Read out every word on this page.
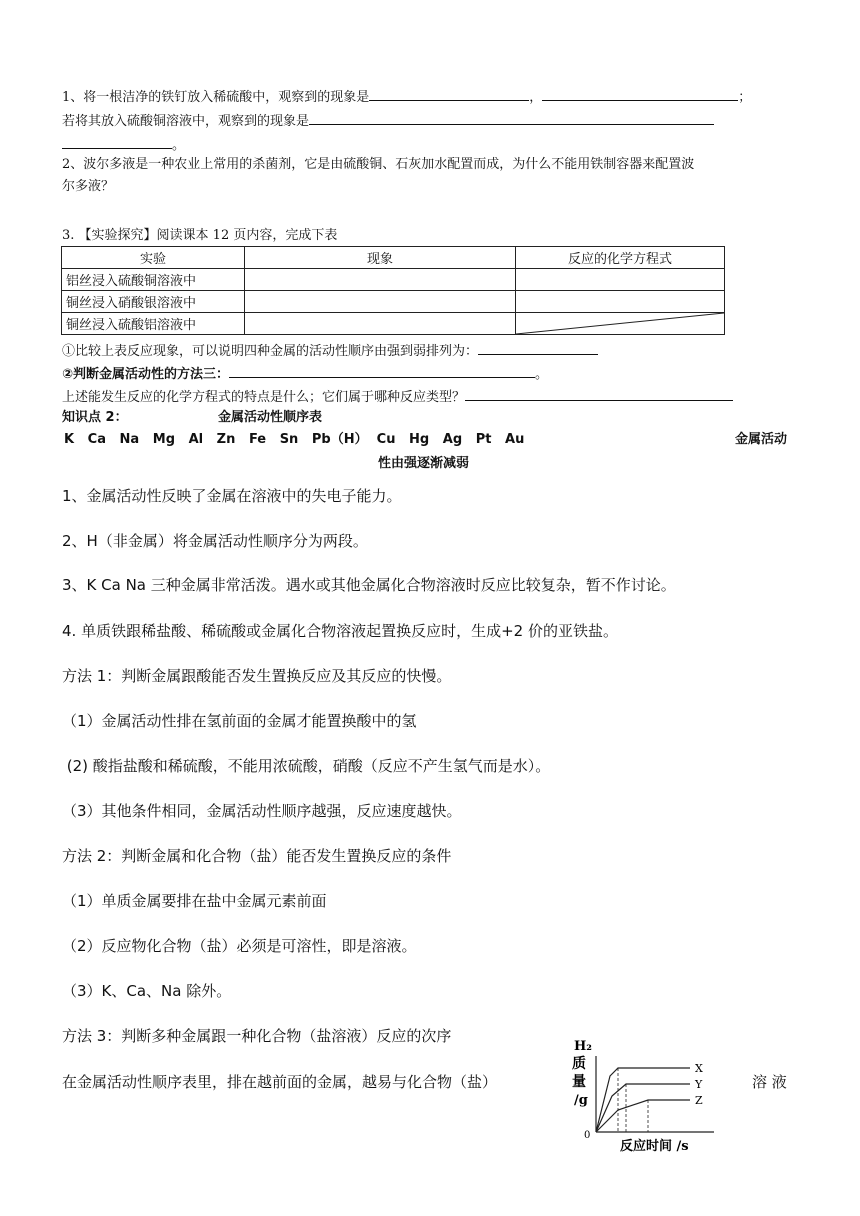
1、将一根洁净的铁钉放入稀硫酸中，观察到的现象是	，	；
若将其放入硫酸铜溶液中，观察到的现象是
。
2、波尔多液是一种农业上常用的杀菌剂，它是由硫酸铜、石灰加水配置而成，为什么不能用铁制容器来配置波
尔多液？
3. 【实验探究】阅读课本 12 页内容，完成下表
实验	现象	反应的化学方程式
铝丝浸入硫酸铜溶液中		
铜丝浸入硝酸银溶液中		
铜丝浸入硫酸铝溶液中		
①比较上表反应现象，可以说明四种金属的活动性顺序由强到弱排列为：
②判断金属活动性的方法三：	。
上述能发生反应的化学方程式的特点是什么；它们属于哪种反应类型？
知识点 2：	金属活动性顺序表
K   Ca   Na   Mg   Al   Zn   Fe   Sn   Pb（H）  Cu   Hg   Ag   Pt   Au	金属活动
性由强逐渐减弱
1、金属活动性反映了金属在溶液中的失电子能力。
2、H（非金属）将金属活动性顺序分为两段。
3、K Ca Na 三种金属非常活泼。遇水或其他金属化合物溶液时反应比较复杂，暂不作讨论。
4. 单质铁跟稀盐酸、稀硫酸或金属化合物溶液起置换反应时，生成+2 价的亚铁盐。
方法 1：判断金属跟酸能否发生置换反应及其反应的快慢。
（1）金属活动性排在氢前面的金属才能置换酸中的氢
(2) 酸指盐酸和稀硫酸，不能用浓硫酸，硝酸（反应不产生氢气而是水）。
（3）其他条件相同，金属活动性顺序越强，反应速度越快。
方法 2：判断金属和化合物（盐）能否发生置换反应的条件
（1）单质金属要排在盐中金属元素前面
（2）反应物化合物（盐）必须是可溶性，即是溶液。
（3）K、Ca、Na 除外。
方法 3：判断多种金属跟一种化合物（盐溶液）反应的次序
在金属活动性顺序表里，排在越前面的金属，越易与化合物（盐）	溶 液
H₂
质
量
/g
0
X
Y
Z
反应时间 /s
